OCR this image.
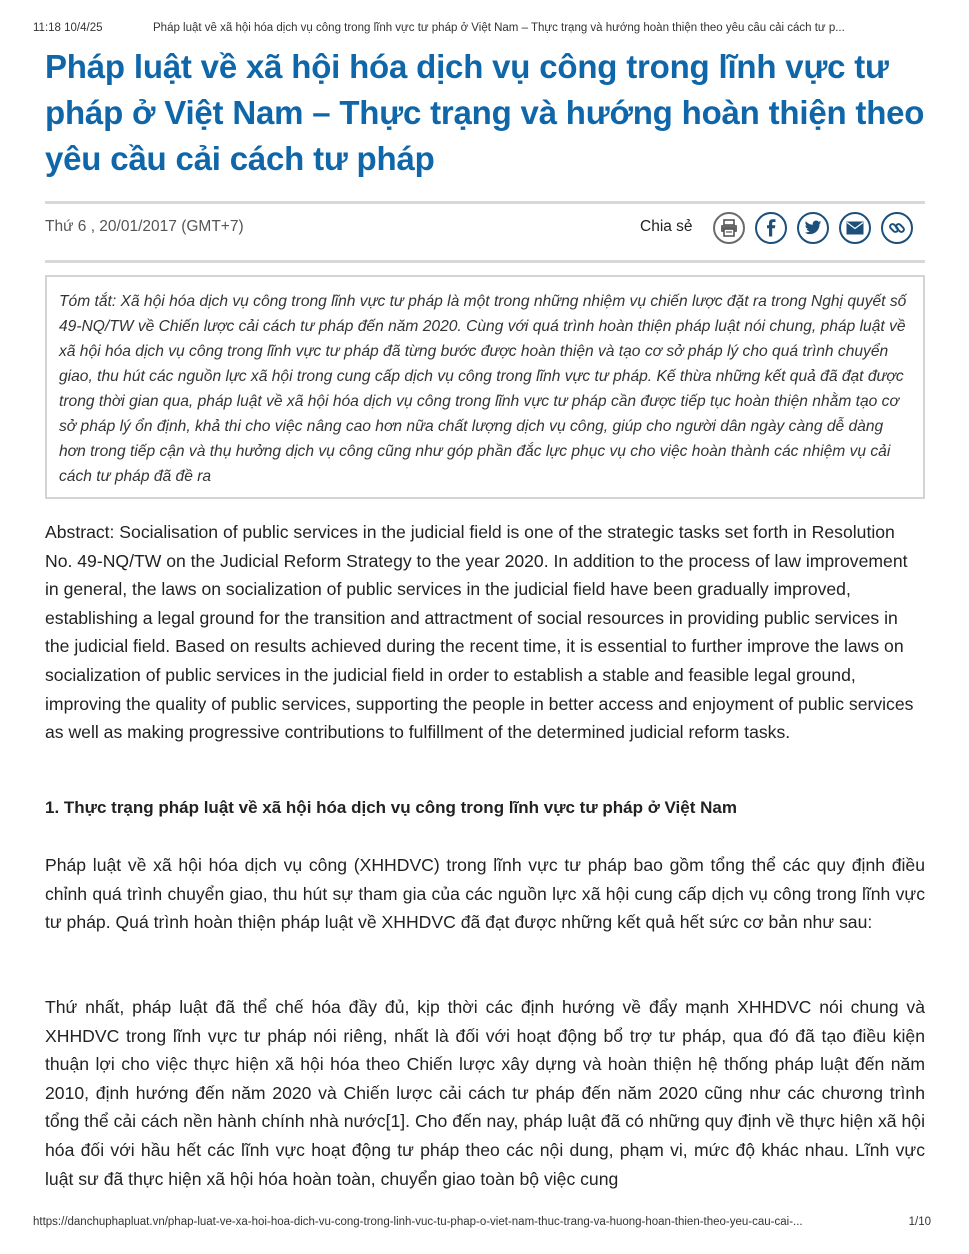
11:18 10/4/25	Pháp luật về xã hội hóa dịch vụ công trong lĩnh vực tư pháp ở Việt Nam – Thực trạng và hướng hoàn thiện theo yêu cầu cải cách tư p...
Pháp luật về xã hội hóa dịch vụ công trong lĩnh vực tư pháp ở Việt Nam – Thực trạng và hướng hoàn thiện theo yêu cầu cải cách tư pháp
Thứ 6 , 20/01/2017 (GMT+7)	Chia sẻ
Tóm tắt: Xã hội hóa dịch vụ công trong lĩnh vực tư pháp là một trong những nhiệm vụ chiến lược đặt ra trong Nghị quyết số 49-NQ/TW về Chiến lược cải cách tư pháp đến năm 2020. Cùng với quá trình hoàn thiện pháp luật nói chung, pháp luật về xã hội hóa dịch vụ công trong lĩnh vực tư pháp đã từng bước được hoàn thiện và tạo cơ sở pháp lý cho quá trình chuyển giao, thu hút các nguồn lực xã hội trong cung cấp dịch vụ công trong lĩnh vực tư pháp. Kế thừa những kết quả đã đạt được trong thời gian qua, pháp luật về xã hội hóa dịch vụ công trong lĩnh vực tư pháp cần được tiếp tục hoàn thiện nhằm tạo cơ sở pháp lý ổn định, khả thi cho việc nâng cao hơn nữa chất lượng dịch vụ công, giúp cho người dân ngày càng dễ dàng hơn trong tiếp cận và thụ hưởng dịch vụ công cũng như góp phần đắc lực phục vụ cho việc hoàn thành các nhiệm vụ cải cách tư pháp đã đề ra

Abstract: Socialisation of public services in the judicial field is one of the strategic tasks set forth in Resolution No. 49-NQ/TW on the Judicial Reform Strategy to the year 2020. In addition to the process of law improvement in general, the laws on socialization of public services in the judicial field have been gradually improved, establishing a legal ground for the transition and attractment of social resources in providing public services in the judicial field. Based on results achieved during the recent time, it is essential to further improve the laws on socialization of public services in the judicial field in order to establish a stable and feasible legal ground, improving the quality of public services, supporting the people in better access and enjoyment of public services as well as making progressive contributions to fulfillment of the determined judicial reform tasks.

1. Thực trạng pháp luật về xã hội hóa dịch vụ công trong lĩnh vực tư pháp ở Việt Nam

Pháp luật về xã hội hóa dịch vụ công (XHHDVC) trong lĩnh vực tư pháp bao gồm tổng thể các quy định điều chỉnh quá trình chuyển giao, thu hút sự tham gia của các nguồn lực xã hội cung cấp dịch vụ công trong lĩnh vực tư pháp. Quá trình hoàn thiện pháp luật về XHHDVC đã đạt được những kết quả hết sức cơ bản như sau:

Thứ nhất, pháp luật đã thể chế hóa đầy đủ, kịp thời các định hướng về đẩy mạnh XHHDVC nói chung và XHHDVC trong lĩnh vực tư pháp nói riêng, nhất là đối với hoạt động bổ trợ tư pháp, qua đó đã tạo điều kiện thuận lợi cho việc thực hiện xã hội hóa theo Chiến lược xây dựng và hoàn thiện hệ thống pháp luật đến năm 2010, định hướng đến năm 2020 và Chiến lược cải cách tư pháp đến năm 2020 cũng như các chương trình tổng thể cải cách nền hành chính nhà nước[1]. Cho đến nay, pháp luật đã có những quy định về thực hiện xã hội hóa đối với hầu hết các lĩnh vực hoạt động tư pháp theo các nội dung, phạm vi, mức độ khác nhau. Lĩnh vực luật sư đã thực hiện xã hội hóa hoàn toàn, chuyển giao toàn bộ việc cung

https://danchuphapluat.vn/phap-luat-ve-xa-hoi-hoa-dich-vu-cong-trong-linh-vuc-tu-phap-o-viet-nam-thuc-trang-va-huong-hoan-thien-theo-yeu-cau-cai-...	1/10
